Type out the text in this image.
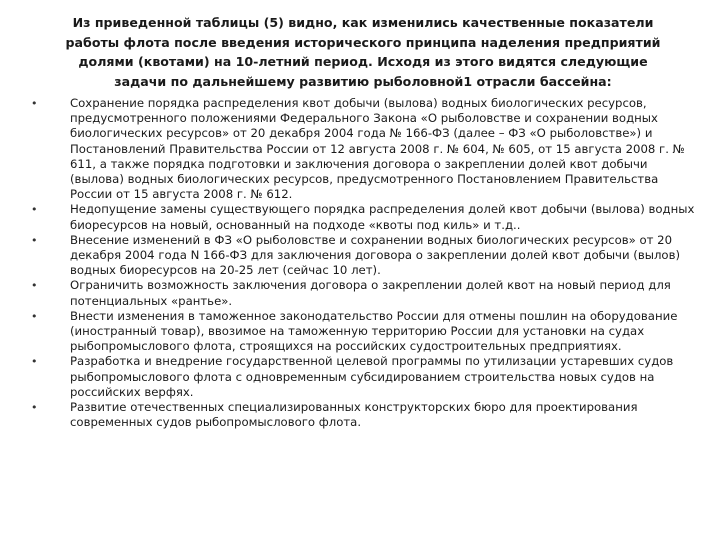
Из приведенной таблицы (5) видно, как изменились качественные показатели работы флота после введения исторического принципа наделения предприятий долями (квотами) на 10-летний период. Исходя из этого видятся следующие задачи по дальнейшему развитию рыболовной1 отрасли бассейна:

•	Сохранение порядка распределения квот добычи (вылова) водных биологических ресурсов, предусмотренного положениями Федерального Закона «О рыболовстве и сохранении водных биологических ресурсов» от 20 декабря 2004 года № 166-ФЗ (далее – ФЗ «О рыболовстве») и Постановлений Правительства России от 12 августа 2008 г. № 604, № 605, от 15 августа 2008 г. № 611, а также порядка подготовки и заключения договора о закреплении долей квот добычи (вылова) водных биологических ресурсов, предусмотренного Постановлением Правительства России от 15 августа 2008 г. № 612.
•	Недопущение замены существующего порядка распределения долей квот добычи (вылова) водных биоресурсов на новый, основанный на подходе «квоты под киль» и т.д..
•	Внесение изменений в ФЗ «О рыболовстве и сохранении водных биологических ресурсов» от 20 декабря 2004 года N 166-ФЗ для заключения договора о закреплении долей квот добычи (вылов) водных биоресурсов на 20-25 лет (сейчас 10 лет).
•	Ограничить возможность заключения договора о закреплении долей квот на новый период для потенциальных «рантье».
•	Внести изменения в таможенное законодательство России для отмены пошлин на оборудование (иностранный товар), ввозимое на таможенную территорию России для установки на судах рыбопромыслового флота, строящихся на российских судостроительных предприятиях.
•	Разработка и внедрение государственной целевой программы по утилизации устаревших судов рыбопромыслового флота с одновременным субсидированием строительства новых судов на российских верфях.
•	Развитие отечественных специализированных конструкторских бюро для проектирования современных судов рыбопромыслового флота.
